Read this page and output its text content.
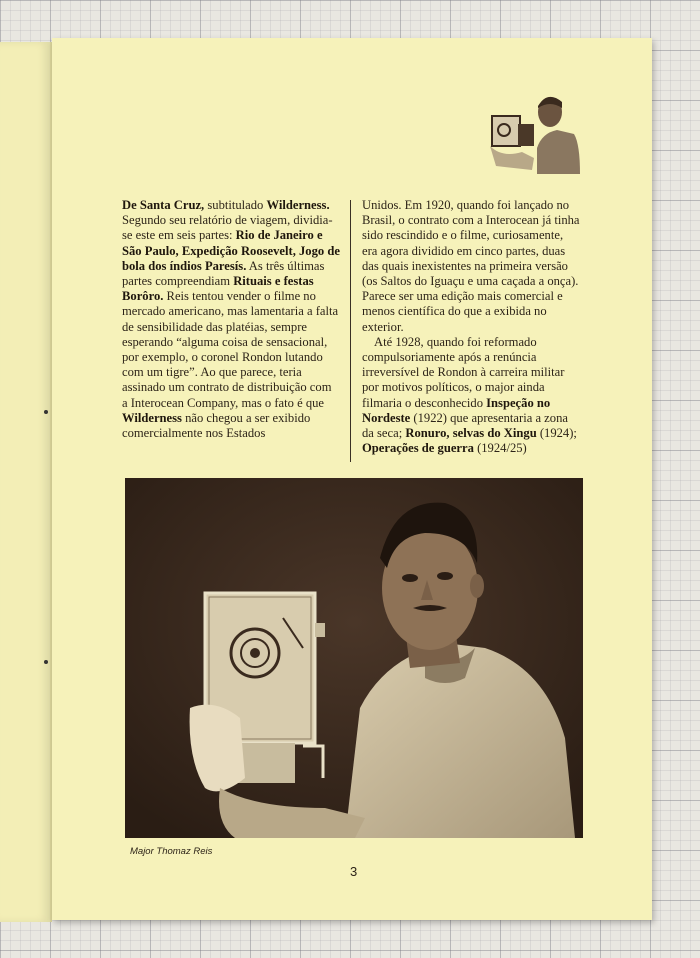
De Santa Cruz, subtitulado Wilderness. Segundo seu relatório de viagem, dividia-se este em seis partes: Rio de Janeiro e São Paulo, Expedição Roosevelt, Jogo de bola dos índios Paresís. As três últimas partes compreendiam Rituais e festas Borôro. Reis tentou vender o filme no mercado americano, mas lamentaria a falta de sensibilidade das platéias, sempre esperando “alguma coisa de sensacional, por exemplo, o coronel Rondon lutando com um tigre”. Ao que parece, teria assinado um contrato de distribuição com a Interocean Company, mas o fato é que Wilderness não chegou a ser exibido comercialmente nos Estados

Unidos. Em 1920, quando foi lançado no Brasil, o contrato com a Interocean já tinha sido rescindido e o filme, curiosamente, era agora dividido em cinco partes, duas das quais inexistentes na primeira versão (os Saltos do Iguaçu e uma caçada a onça). Parece ser uma edição mais comercial e menos científica do que a exibida no exterior.

Até 1928, quando foi reformado compulsoriamente após a renúncia irreversível de Rondon à carreira militar por motivos políticos, o major ainda filmaria o desconhecido Inspeção no Nordeste (1922) que apresentaria a zona da seca; Ronuro, selvas do Xingu (1924); Operações de guerra (1924/25)

Major Thomaz Reis
3
